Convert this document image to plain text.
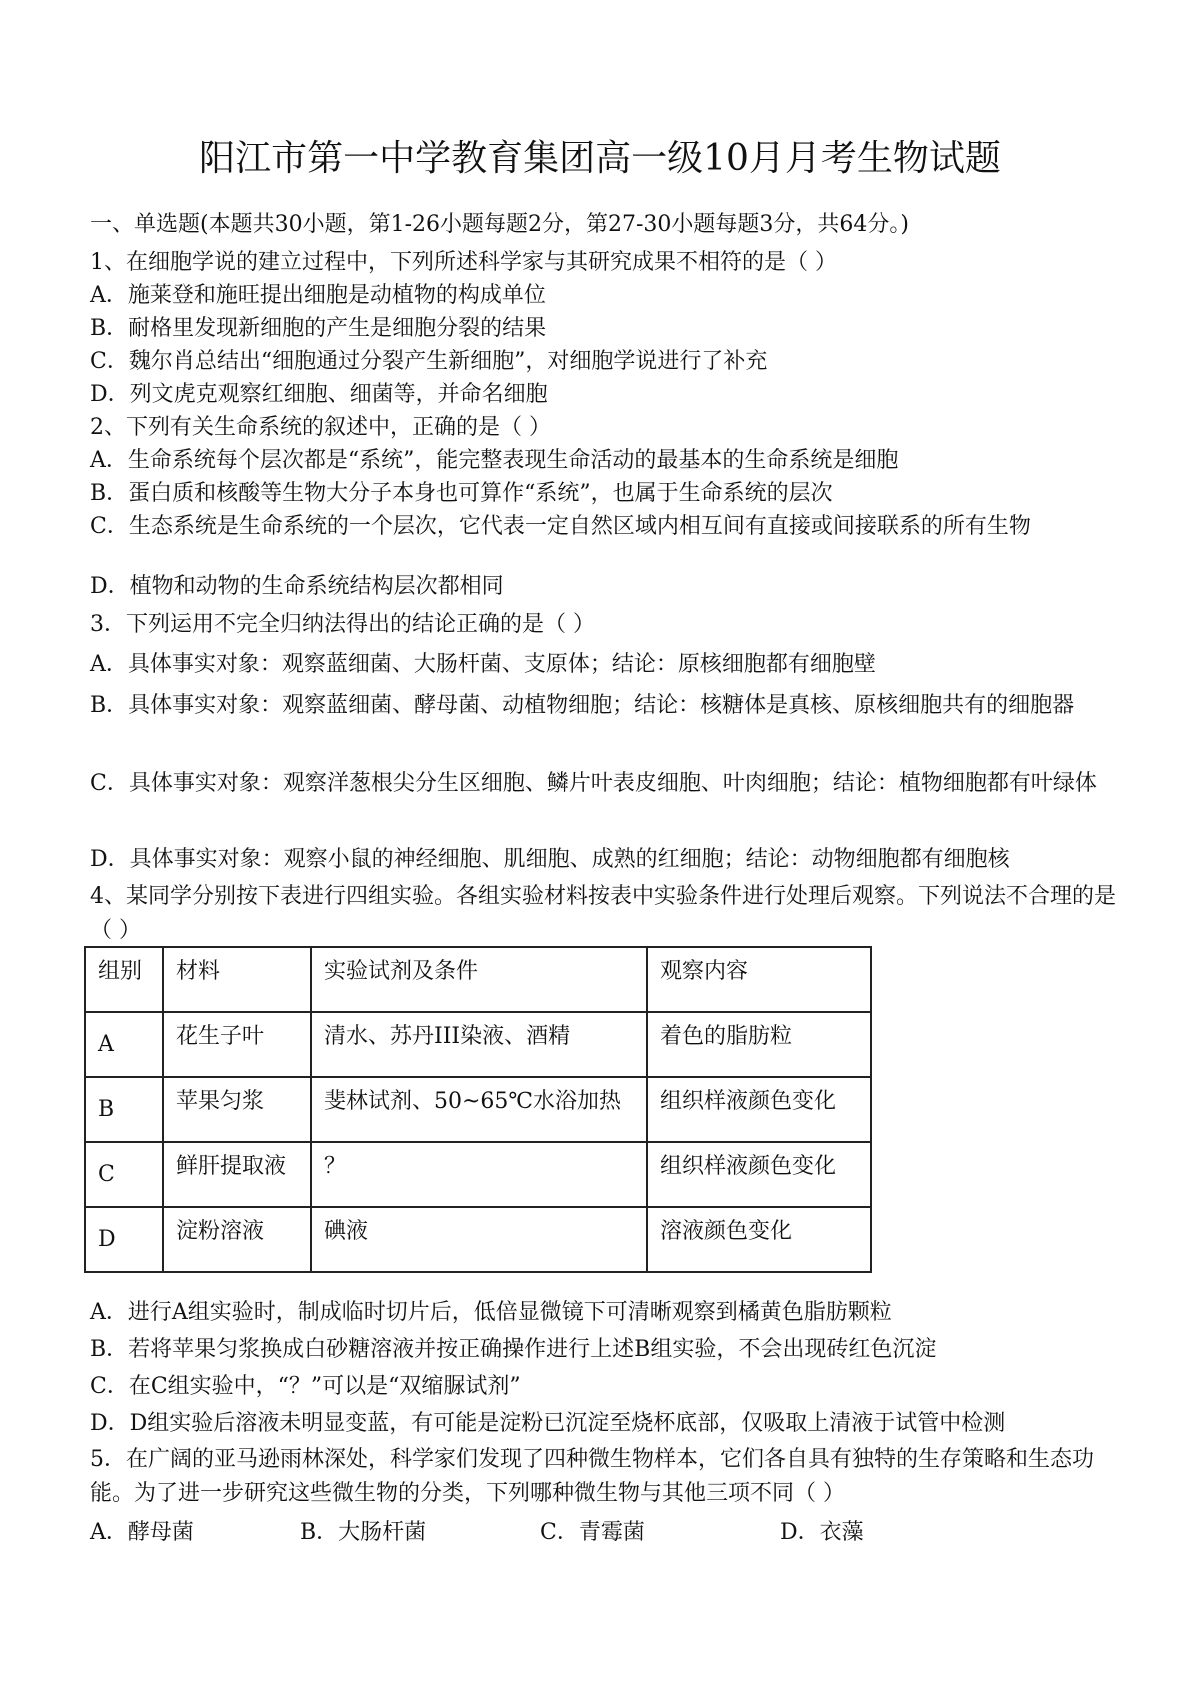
阳江市第一中学教育集团高一级10月月考生物试题
一、单选题(本题共30小题，第1-26小题每题2分，第27-30小题每题3分，共64分。)
1、在细胞学说的建立过程中，下列所述科学家与其研究成果不相符的是（ ）
A．施莱登和施旺提出细胞是动植物的构成单位
B．耐格里发现新细胞的产生是细胞分裂的结果
C．魏尔肖总结出“细胞通过分裂产生新细胞”，对细胞学说进行了补充
D．列文虎克观察红细胞、细菌等，并命名细胞
2、下列有关生命系统的叙述中，正确的是（ ）
A．生命系统每个层次都是“系统”，能完整表现生命活动的最基本的生命系统是细胞
B．蛋白质和核酸等生物大分子本身也可算作“系统”，也属于生命系统的层次
C．生态系统是生命系统的一个层次，它代表一定自然区域内相互间有直接或间接联系的所有生物
D．植物和动物的生命系统结构层次都相同
3．下列运用不完全归纳法得出的结论正确的是（ ）
A．具体事实对象：观察蓝细菌、大肠杆菌、支原体；结论：原核细胞都有细胞壁
B．具体事实对象：观察蓝细菌、酵母菌、动植物细胞；结论：核糖体是真核、原核细胞共有的细胞器
C．具体事实对象：观察洋葱根尖分生区细胞、鳞片叶表皮细胞、叶肉细胞；结论：植物细胞都有叶绿体
D．具体事实对象：观察小鼠的神经细胞、肌细胞、成熟的红细胞；结论：动物细胞都有细胞核
4、某同学分别按下表进行四组实验。各组实验材料按表中实验条件进行处理后观察。下列说法不合理的是（ ）
组别	材料	实验试剂及条件	观察内容
A	花生子叶	清水、苏丹III染液、酒精	着色的脂肪粒
B	苹果匀浆	斐林试剂、50~65℃水浴加热	组织样液颜色变化
C	鲜肝提取液	？	组织样液颜色变化
D	淀粉溶液	碘液	溶液颜色变化
A．进行A组实验时，制成临时切片后，低倍显微镜下可清晰观察到橘黄色脂肪颗粒
B．若将苹果匀浆换成白砂糖溶液并按正确操作进行上述B组实验，不会出现砖红色沉淀
C．在C组实验中，“？”可以是“双缩脲试剂”
D．D组实验后溶液未明显变蓝，有可能是淀粉已沉淀至烧杯底部，仅吸取上清液于试管中检测
5．在广阔的亚马逊雨林深处，科学家们发现了四种微生物样本，它们各自具有独特的生存策略和生态功能。为了进一步研究这些微生物的分类，下列哪种微生物与其他三项不同（ ）
A．酵母菌	B．大肠杆菌	C．青霉菌	D．衣藻
